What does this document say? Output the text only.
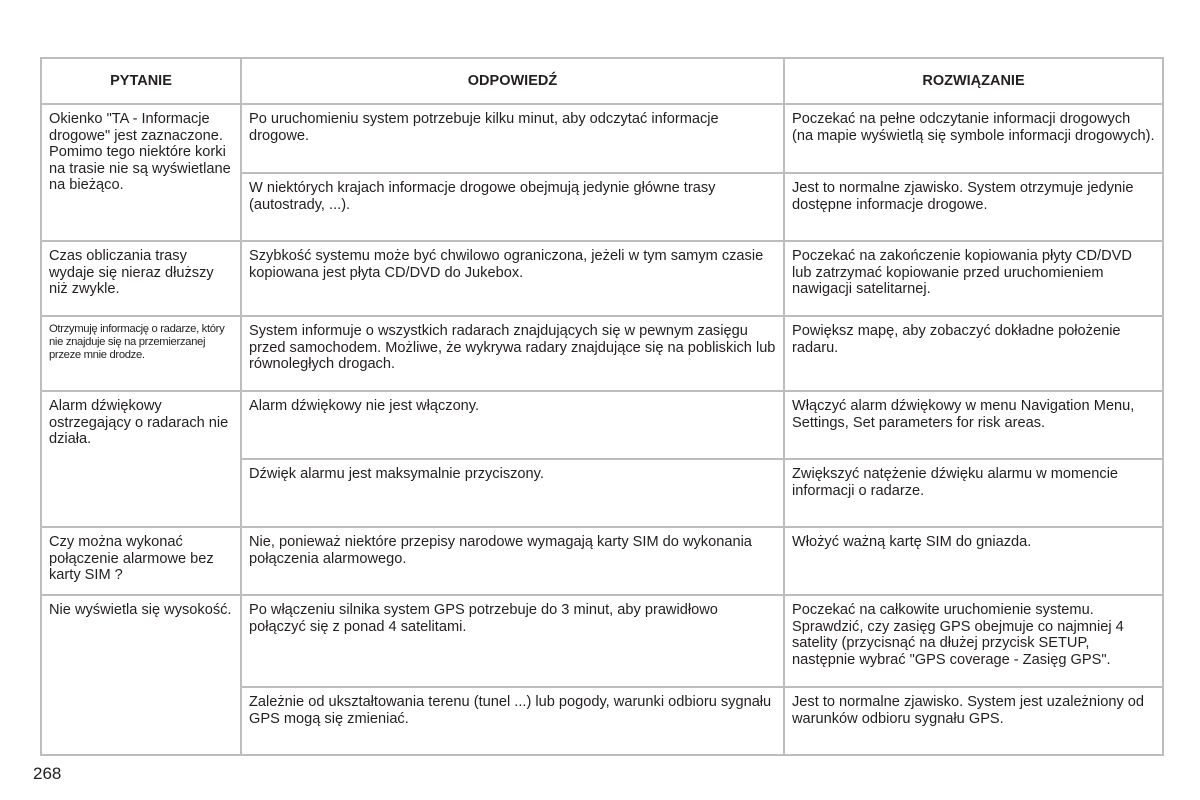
PYTANIE	ODPOWIEDŹ	ROZWIĄZANIE
Okienko "TA - Informacje drogowe" jest zaznaczone. Pomimo tego niektóre korki na trasie nie są wyświetlane na bieżąco.	Po uruchomieniu system potrzebuje kilku minut, aby odczytać informacje drogowe.	Poczekać na pełne odczytanie informacji drogowych (na mapie wyświetlą się symbole informacji drogowych).
	W niektórych krajach informacje drogowe obejmują jedynie główne trasy (autostrady, ...).	Jest to normalne zjawisko. System otrzymuje jedynie dostępne informacje drogowe.
Czas obliczania trasy wydaje się nieraz dłuższy niż zwykle.	Szybkość systemu może być chwilowo ograniczona, jeżeli w tym samym czasie kopiowana jest płyta CD/DVD do Jukebox.	Poczekać na zakończenie kopiowania płyty CD/DVD lub zatrzymać kopiowanie przed uruchomieniem nawigacji satelitarnej.
Otrzymuję informację o radarze, który nie znajduje się na przemierzanej przeze mnie drodze.	System informuje o wszystkich radarach znajdujących się w pewnym zasięgu przed samochodem. Możliwe, że wykrywa radary znajdujące się na pobliskich lub równoległych drogach.	Powiększ mapę, aby zobaczyć dokładne położenie radaru.
Alarm dźwiękowy ostrzegający o radarach nie działa.	Alarm dźwiękowy nie jest włączony.	Włączyć alarm dźwiękowy w menu Navigation Menu, Settings, Set parameters for risk areas.
	Dźwięk alarmu jest maksymalnie przyciszony.	Zwiększyć natężenie dźwięku alarmu w momencie informacji o radarze.
Czy można wykonać połączenie alarmowe bez karty SIM ?	Nie, ponieważ niektóre przepisy narodowe wymagają karty SIM do wykonania połączenia alarmowego.	Włożyć ważną kartę SIM do gniazda.
Nie wyświetla się wysokość.	Po włączeniu silnika system GPS potrzebuje do 3 minut, aby prawidłowo połączyć się z ponad 4 satelitami.	Poczekać na całkowite uruchomienie systemu. Sprawdzić, czy zasięg GPS obejmuje co najmniej 4 satelity (przycisnąć na dłużej przycisk SETUP, następnie wybrać "GPS coverage - Zasięg GPS".
	Zależnie od ukształtowania terenu (tunel ...) lub pogody, warunki odbioru sygnału GPS mogą się zmieniać.	Jest to normalne zjawisko. System jest uzależniony od warunków odbioru sygnału GPS.
268
